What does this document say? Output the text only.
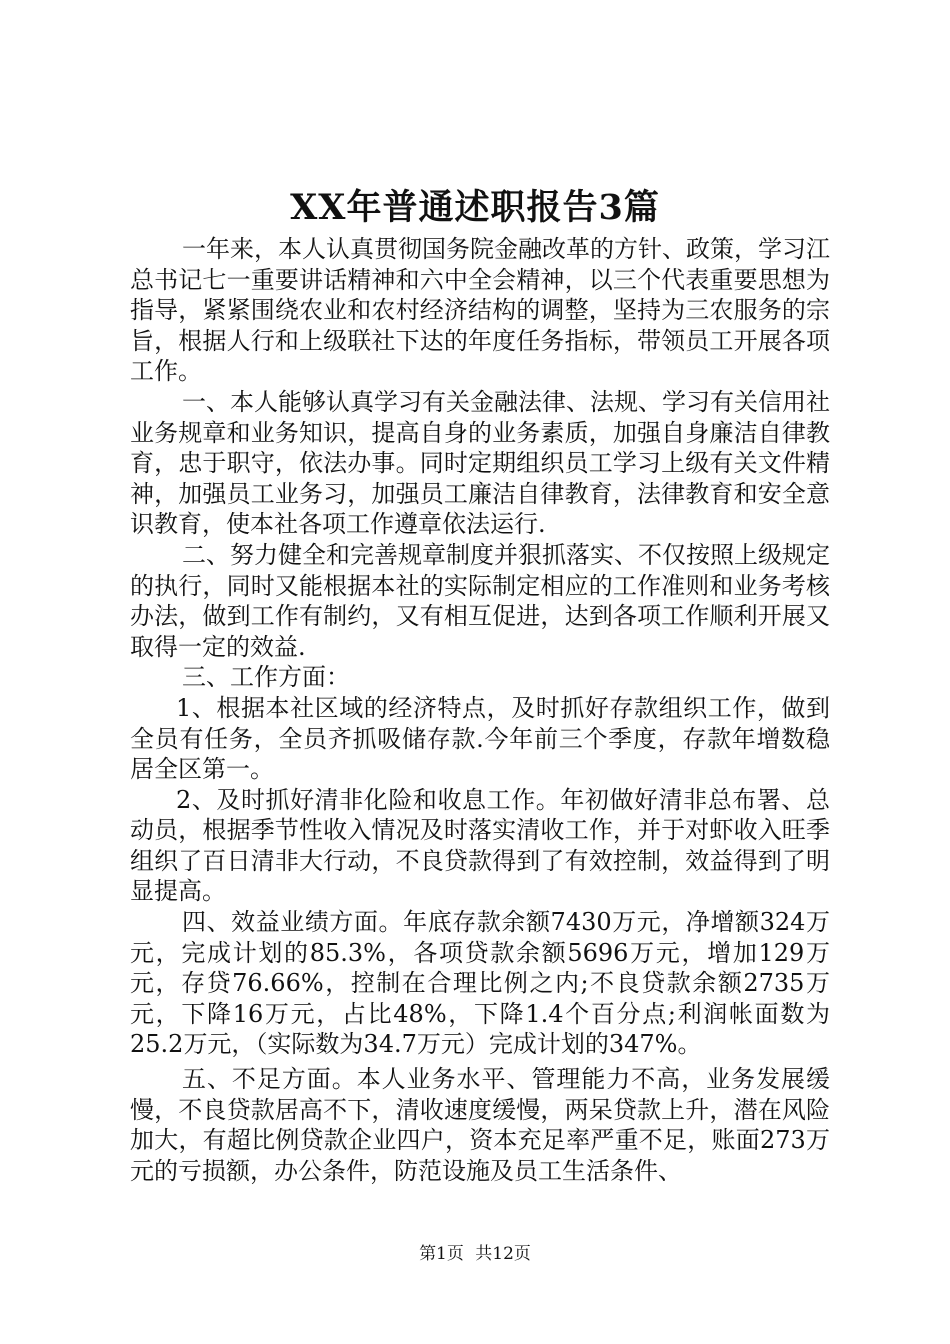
XX年普通述职报告3篇

一年来，本人认真贯彻国务院金融改革的方针、政策，学习江总书记七一重要讲话精神和六中全会精神，以三个代表重要思想为指导，紧紧围绕农业和农村经济结构的调整，坚持为三农服务的宗旨，根据人行和上级联社下达的年度任务指标，带领员工开展各项工作。

一、本人能够认真学习有关金融法律、法规、学习有关信用社业务规章和业务知识，提高自身的业务素质，加强自身廉洁自律教育，忠于职守，依法办事。同时定期组织员工学习上级有关文件精神，加强员工业务习，加强员工廉洁自律教育，法律教育和安全意识教育，使本社各项工作遵章依法运行.

二、努力健全和完善规章制度并狠抓落实、不仅按照上级规定的执行，同时又能根据本社的实际制定相应的工作准则和业务考核办法，做到工作有制约，又有相互促进，达到各项工作顺利开展又取得一定的效益.

三、工作方面：

1、根据本社区域的经济特点，及时抓好存款组织工作，做到全员有任务，全员齐抓吸储存款.今年前三个季度，存款年增数稳居全区第一。

2、及时抓好清非化险和收息工作。年初做好清非总布署、总动员，根据季节性收入情况及时落实清收工作，并于对虾收入旺季组织了百日清非大行动，不良贷款得到了有效控制，效益得到了明显提高。

四、效益业绩方面。年底存款余额7430万元，净增额324万元，完成计划的85.3%，各项贷款余额5696万元，增加129万元，存贷76.66%，控制在合理比例之内;不良贷款余额2735万元，下降16万元，占比48%，下降1.4个百分点;利润帐面数为25.2万元，（实际数为34.7万元）完成计划的347%。

五、不足方面。本人业务水平、管理能力不高，业务发展缓慢，不良贷款居高不下，清收速度缓慢，两呆贷款上升，潜在风险加大，有超比例贷款企业四户，资本充足率严重不足，账面273万元的亏损额，办公条件，防范设施及员工生活条件、

第1页 共12页
